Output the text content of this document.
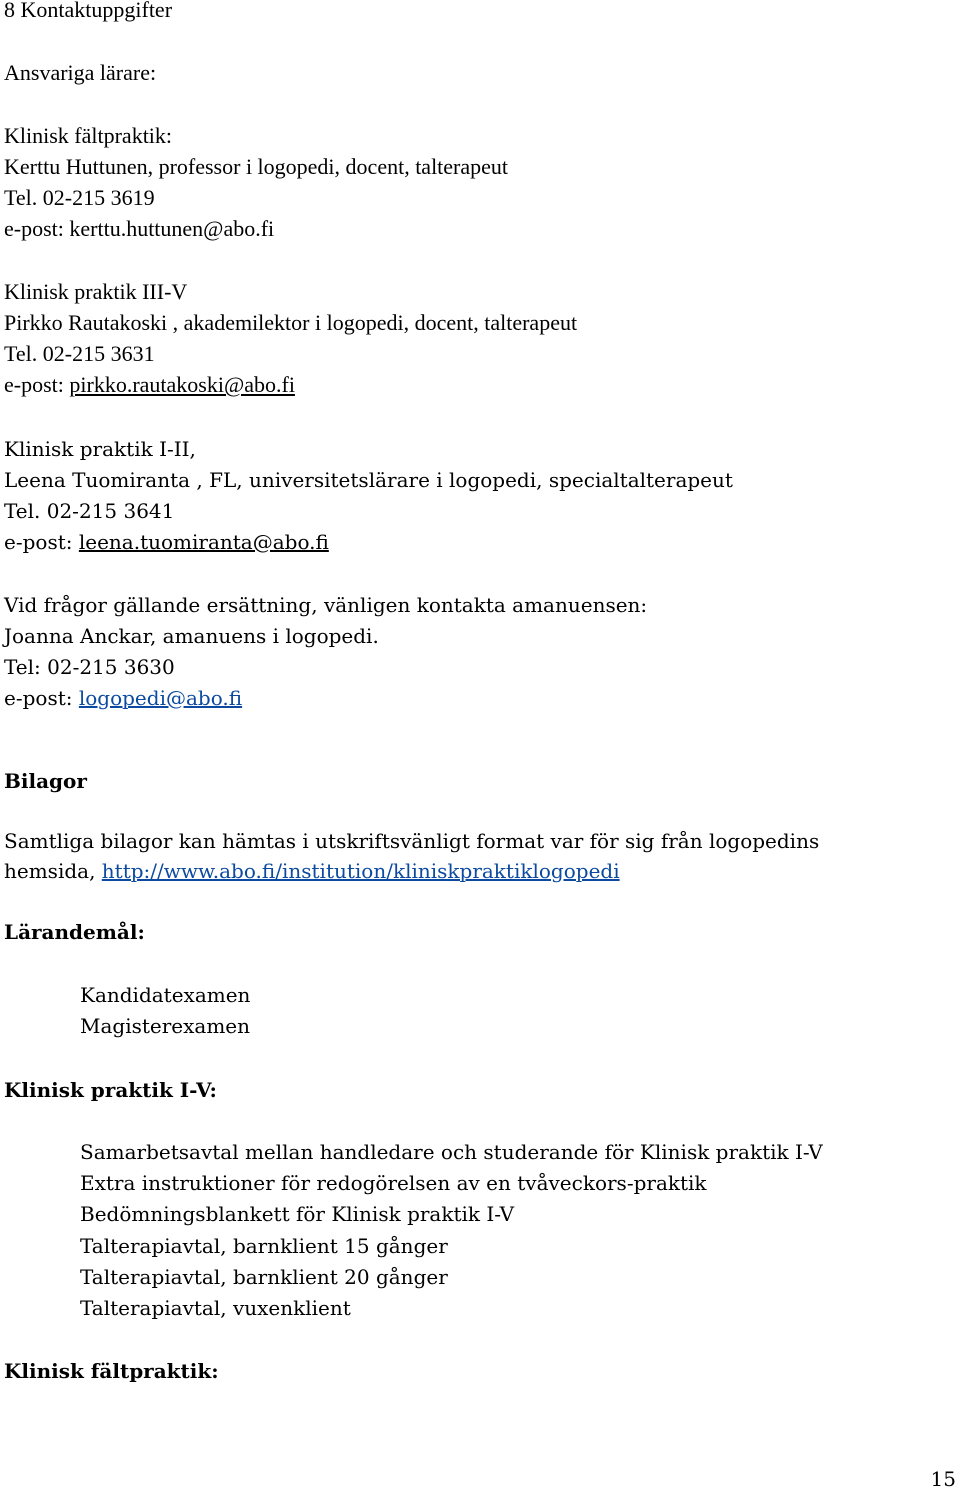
8 Kontaktuppgifter
Ansvariga lärare:
Klinisk fältpraktik:
Kerttu Huttunen, professor i logopedi, docent, talterapeut
Tel. 02-215 3619
e-post: kerttu.huttunen@abo.fi
Klinisk praktik III-V
Pirkko Rautakoski , akademilektor i logopedi, docent, talterapeut
Tel. 02-215 3631
e-post: pirkko.rautakoski@abo.fi
Klinisk praktik I-II,
Leena Tuomiranta , FL, universitetslärare i logopedi, specialtalterapeut
Tel. 02-215 3641
e-post: leena.tuomiranta@abo.fi
Vid frågor gällande ersättning, vänligen kontakta amanuensen:
Joanna Anckar, amanuens i logopedi.
Tel: 02-215 3630
e-post: logopedi@abo.fi
Bilagor
Samtliga bilagor kan hämtas i utskriftsvänligt format var för sig från logopedins
hemsida, http://www.abo.fi/institution/kliniskpraktiklogopedi
Lärandemål:
Kandidatexamen
Magisterexamen
Klinisk praktik I-V:
Samarbetsavtal mellan handledare och studerande för Klinisk praktik I-V
Extra instruktioner för redogörelsen av en tvåveckors-praktik
Bedömningsblankett för Klinisk praktik I-V
Talterapiavtal, barnklient 15 gånger
Talterapiavtal, barnklient 20 gånger
Talterapiavtal, vuxenklient
Klinisk fältpraktik:
15
